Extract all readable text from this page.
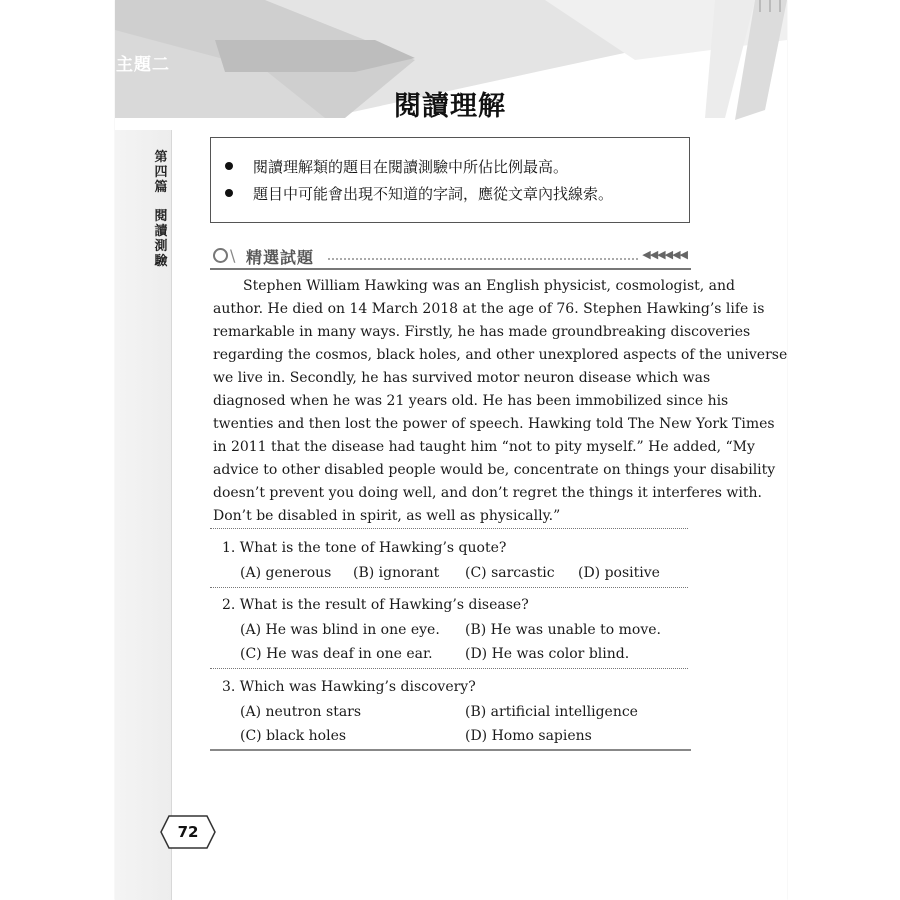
主題二
閱讀理解
第四篇
閱讀測驗
閱讀理解類的題目在閱讀測驗中所佔比例最高。
題目中可能會出現不知道的字詞，應從文章內找線索。
\ 精選試題	◀◀◀◀◀◀
Stephen William Hawking was an English physicist, cosmologist, and
author. He died on 14 March 2018 at the age of 76. Stephen Hawking’s life is
remarkable in many ways. Firstly, he has made groundbreaking discoveries
regarding the cosmos, black holes, and other unexplored aspects of the universe
we live in. Secondly, he has survived motor neuron disease which was
diagnosed when he was 21 years old. He has been immobilized since his
twenties and then lost the power of speech. Hawking told The New York Times
in 2011 that the disease had taught him “not to pity myself.” He added, “My
advice to other disabled people would be, concentrate on things your disability
doesn’t prevent you doing well, and don’t regret the things it interferes with.
Don’t be disabled in spirit, as well as physically.”
1. What is the tone of Hawking’s quote?
(A) generous (B) ignorant (C) sarcastic (D) positive
2. What is the result of Hawking’s disease?
(A) He was blind in one eye. (B) He was unable to move.
(C) He was deaf in one ear. (D) He was color blind.
3. Which was Hawking’s discovery?
(A) neutron stars	(B) artificial intelligence
(C) black holes	(D) Homo sapiens
72
